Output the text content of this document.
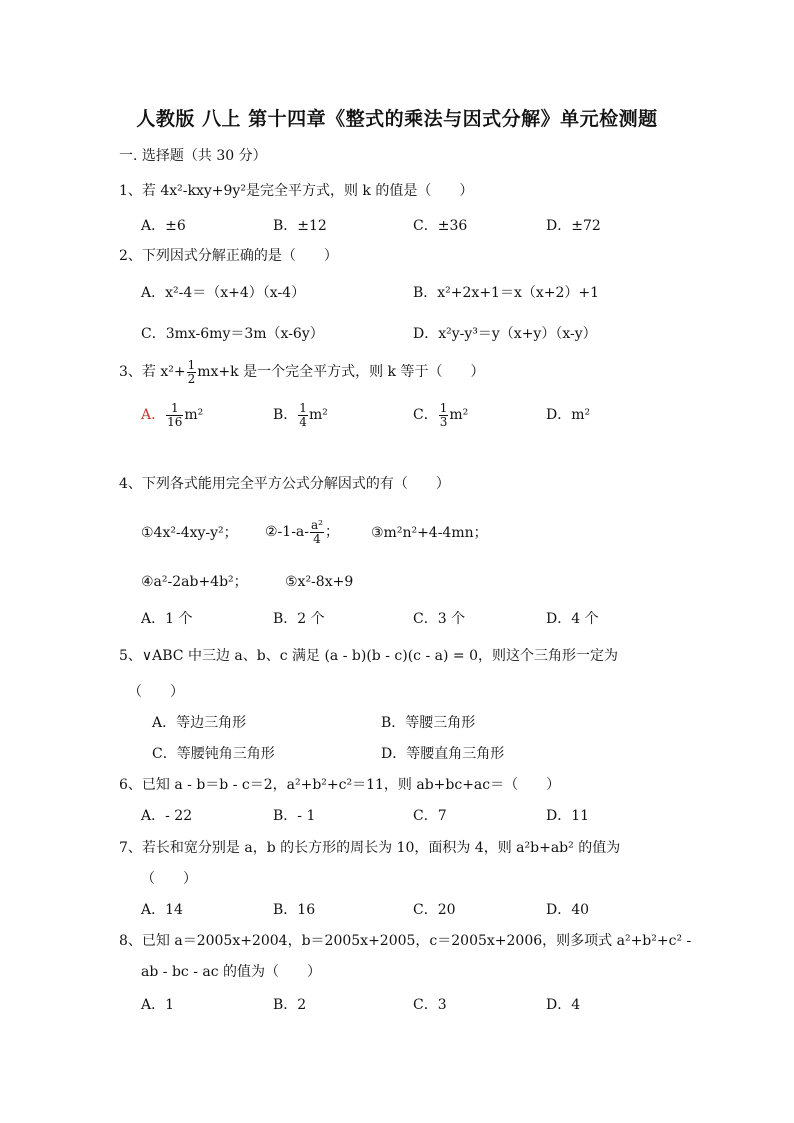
人教版 八上 第十四章《整式的乘法与因式分解》单元检测题
一. 选择题（共 30 分）
1、若 4x²-kxy+9y²是完全平方式，则 k 的值是（　　）
A．±6	B．±12	C．±36	D．±72
2、下列因式分解正确的是（　　）
A．x²-4＝（x+4）（x-4）	B．x²+2x+1＝x（x+2）+1
C．3mx-6my＝3m（x-6y）	D．x²y-y³＝y（x+y）（x-y）
3、若 $x^2+ \frac{1}{2} mx+k$ 是一个完全平方式，则 k 等于（　　）
A． $\frac{1}{16} m^2$	B． $\frac{1}{4} m^2$	C． $\frac{1}{3} m^2$	D．m²
4、下列各式能用完全平方公式分解因式的有（　　）
①4x²-4xy-y²； ②-1-a- $\frac{\text{a²}}{4}$ ； ③m²n²+4-4mn；
④a²-2ab+4b²；	⑤x²-8x+9
A．1 个	B．2 个	C．3 个	D．4 个
5、∨ABC 中三边 a、b、c 满足 (a - b)(b - c)(c - a) = 0，则这个三角形一定为
（　　）
A．等边三角形	B．等腰三角形
C．等腰钝角三角形	D．等腰直角三角形
6、已知 a - b＝b - c＝2，a²+b²+c²＝11，则 ab+bc+ac＝（　　）
A．- 22	B．- 1	C．7	D．11
7、若长和宽分别是 a，b 的长方形的周长为 10，面积为 4，则 a²b+ab² 的值为
（　　）
A．14	B．16	C．20	D．40
8、已知 a＝2005x+2004，b＝2005x+2005，c＝2005x+2006，则多项式 a²+b²+c² -
ab - bc - ac 的值为（　　）
A．1	B．2	C．3	D．4
